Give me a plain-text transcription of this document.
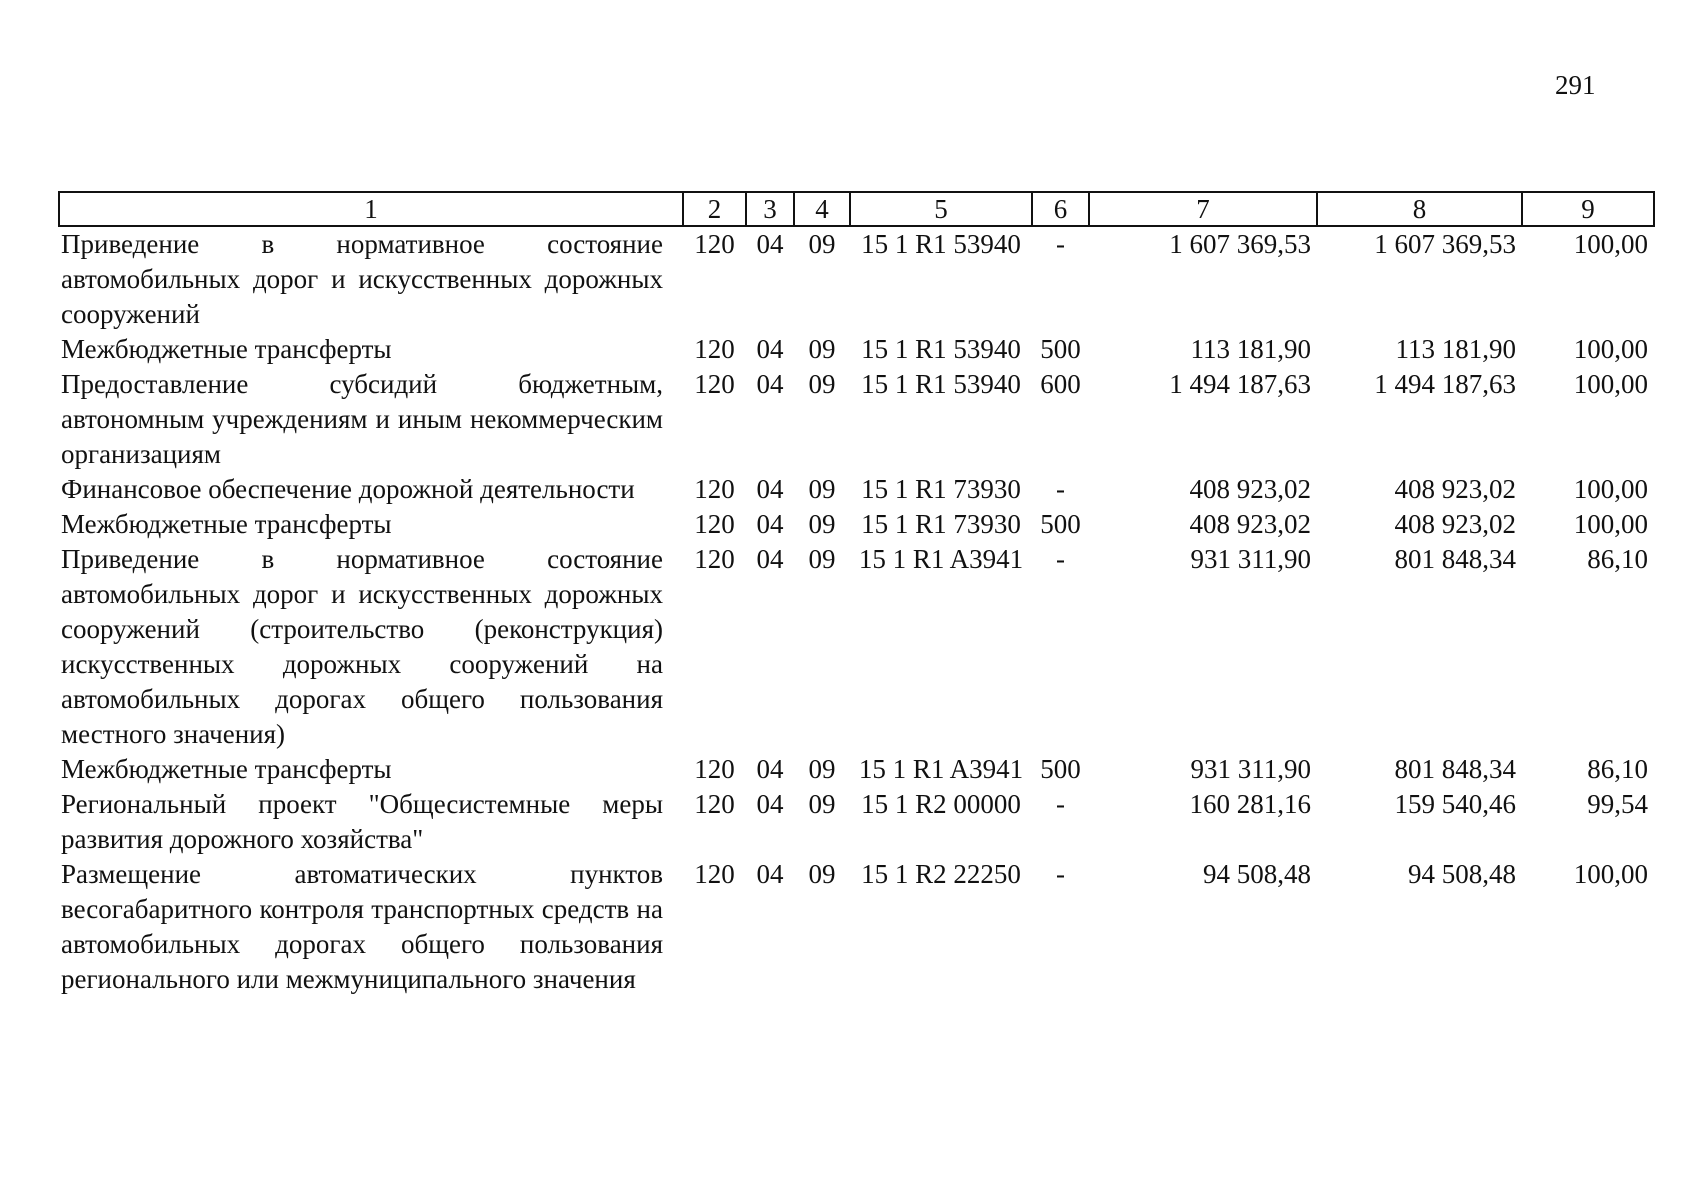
291
1	2	3	4	5	6	7	8	9
Приведение в нормативное состояние автомобильных дорог и искусственных дорожных сооружений	120	04	09	15 1 R1 53940	-	1 607 369,53	1 607 369,53	100,00
Межбюджетные трансферты	120	04	09	15 1 R1 53940	500	113 181,90	113 181,90	100,00
Предоставление субсидий бюджетным, автономным учреждениям и иным некоммерческим организациям	120	04	09	15 1 R1 53940	600	1 494 187,63	1 494 187,63	100,00
Финансовое обеспечение дорожной деятельности	120	04	09	15 1 R1 73930	-	408 923,02	408 923,02	100,00
Межбюджетные трансферты	120	04	09	15 1 R1 73930	500	408 923,02	408 923,02	100,00
Приведение в нормативное состояние автомобильных дорог и искусственных дорожных сооружений (строительство (реконструкция) искусственных дорожных сооружений на автомобильных дорогах общего пользования местного значения)	120	04	09	15 1 R1 A3941	-	931 311,90	801 848,34	86,10
Межбюджетные трансферты	120	04	09	15 1 R1 A3941	500	931 311,90	801 848,34	86,10
Региональный проект "Общесистемные меры развития дорожного хозяйства"	120	04	09	15 1 R2 00000	-	160 281,16	159 540,46	99,54
Размещение автоматических пунктов весогабаритного контроля транспортных средств на автомобильных дорогах общего пользования регионального или межмуниципального значения	120	04	09	15 1 R2 22250	-	94 508,48	94 508,48	100,00
